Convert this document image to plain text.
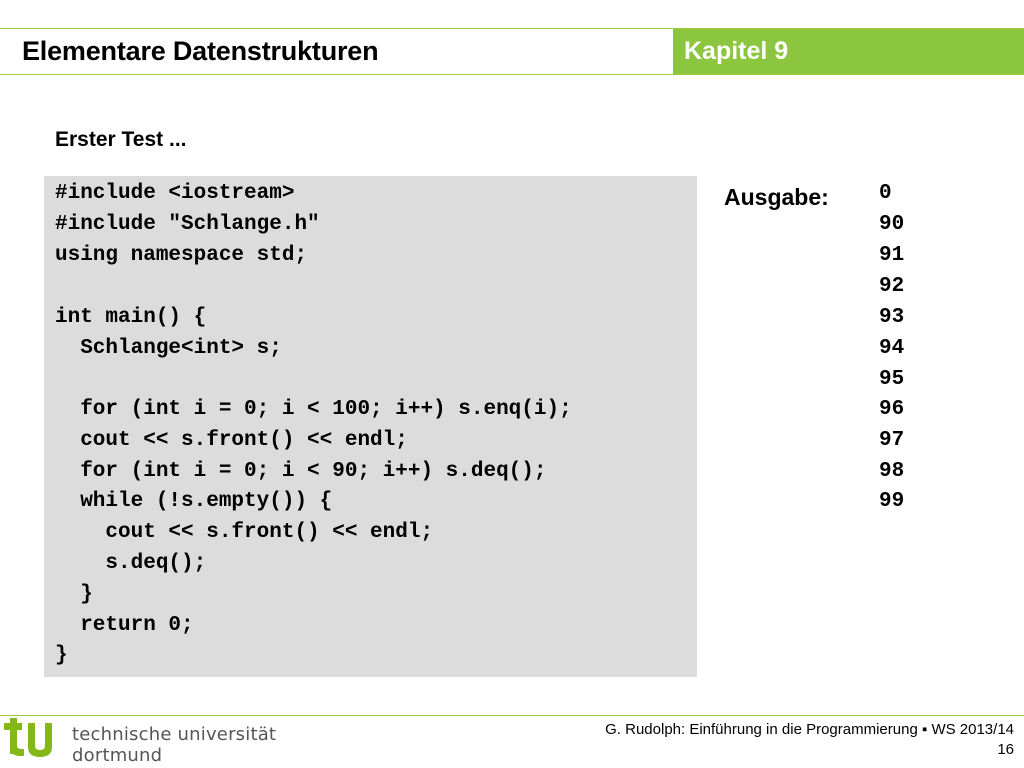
Elementare Datenstrukturen	Kapitel 9
Erster Test ...
#include <iostream>
#include "Schlange.h"
using namespace std;
int main() {
Schlange<int> s;
for (int i = 0; i < 100; i++) s.enq(i);
cout << s.front() << endl;
for (int i = 0; i < 90; i++) s.deq();
while (!s.empty()) {
cout << s.front() << endl;
s.deq();
}
return 0;
}
Ausgabe: 0
90
91
92
93
94
95
96
97
98
99
technische universität
dortmund
G. Rudolph: Einführung in die Programmierung ▪ WS 2013/14
16
